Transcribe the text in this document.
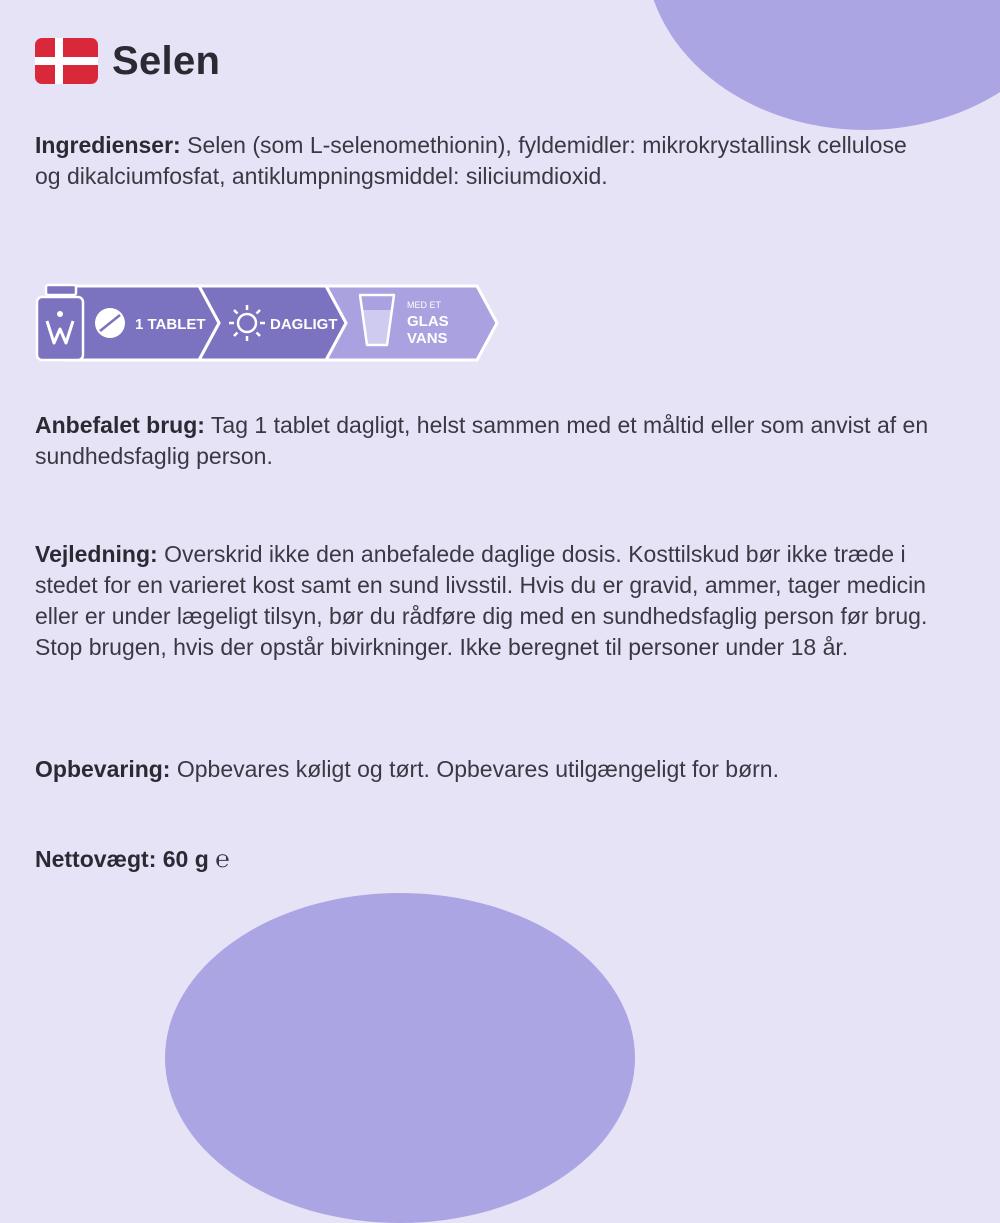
Selen
Ingredienser: Selen (som L-selenomethionin), fyldemidler: mikrokrystallinsk cellulose og dikalciumfosfat, antiklumpningsmiddel: siliciumdioxid.
1 TABLET	DAGLIGT
MED ET
GLAS
VANS
Anbefalet brug: Tag 1 tablet dagligt, helst sammen med et måltid eller som anvist af en sundhedsfaglig person.
Vejledning: Overskrid ikke den anbefalede daglige dosis. Kosttilskud bør ikke træde i stedet for en varieret kost samt en sund livsstil. Hvis du er gravid, ammer, tager medicin eller er under lægeligt tilsyn, bør du rådføre dig med en sundhedsfaglig person før brug. Stop brugen, hvis der opstår bivirkninger. Ikke beregnet til personer under 18 år.
Opbevaring: Opbevares køligt og tørt. Opbevares utilgængeligt for børn.
Nettovægt: 60 g ℮
